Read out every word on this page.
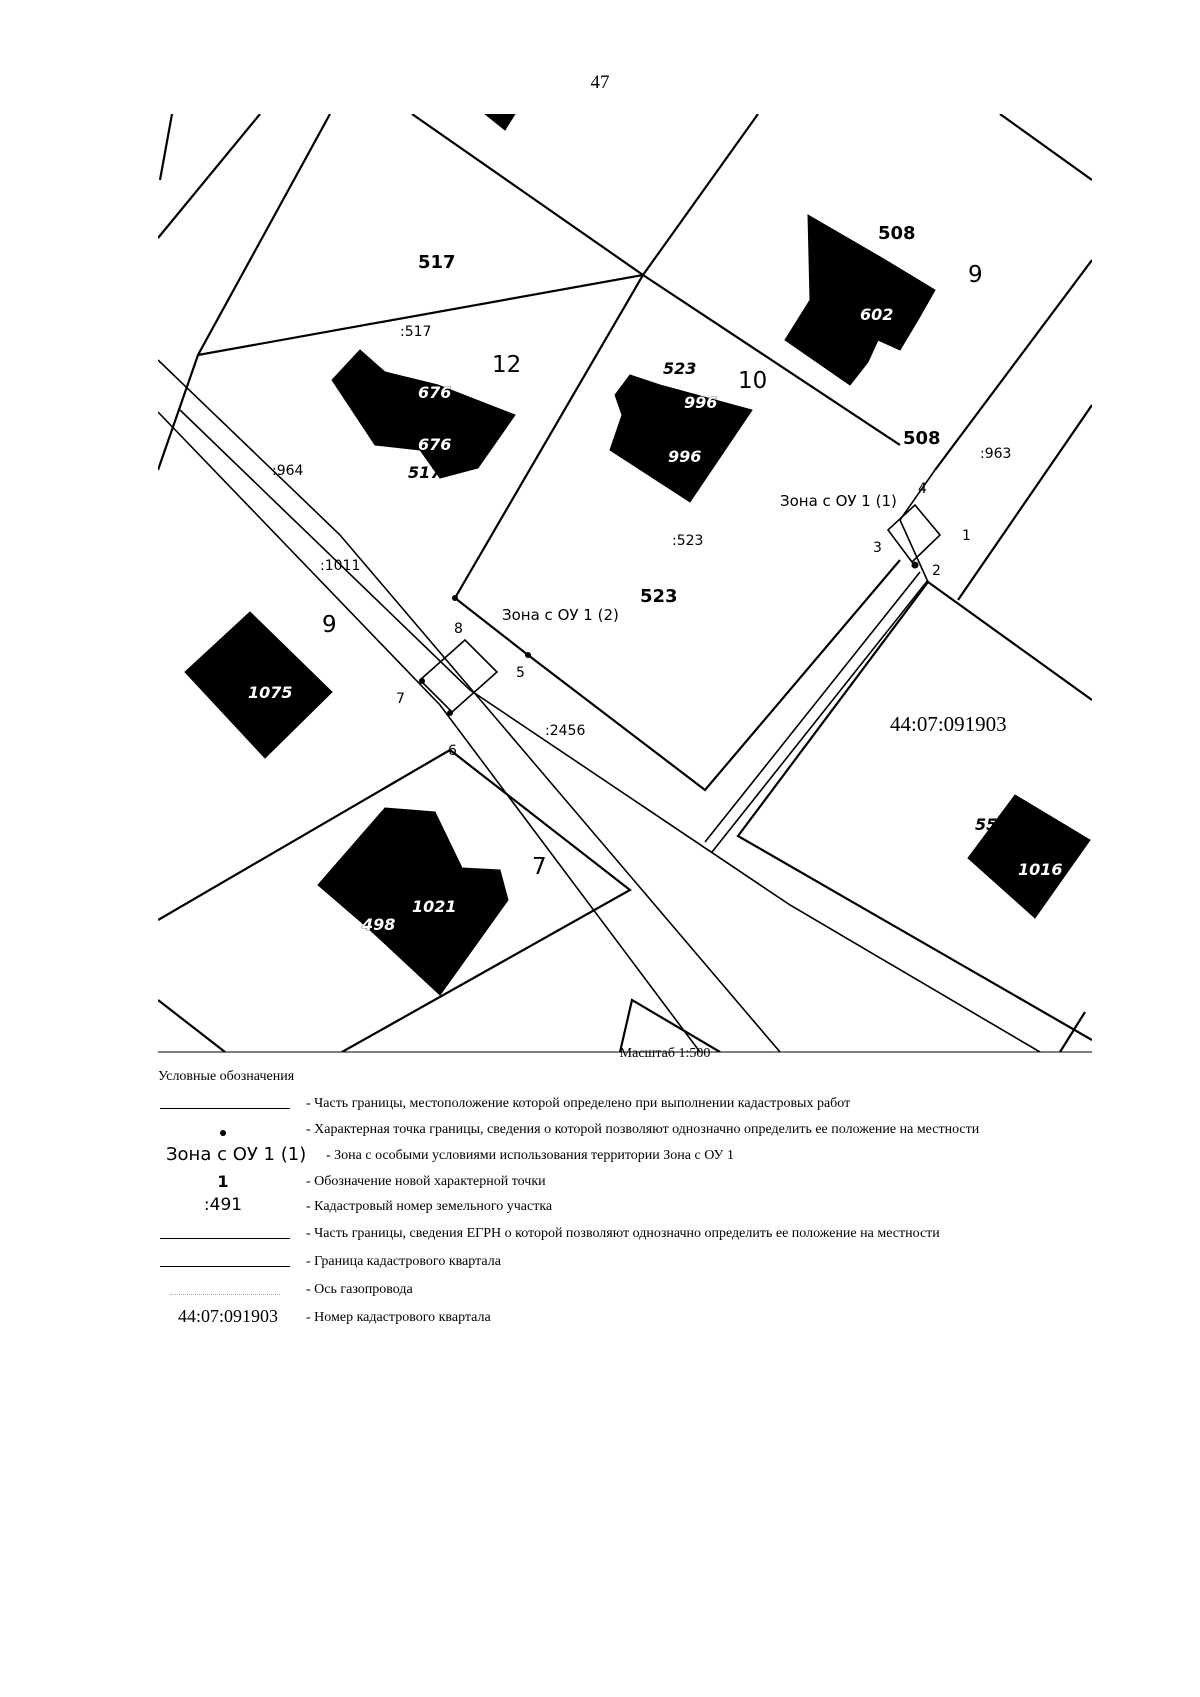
47
517
523
508
508
:517
:964
:1011
:523
:963
:2456
12
10
9
9
7
602
676
676
517
523
996
996
1075
1021
498
559
1016
Зона с ОУ 1 (1)
Зона с ОУ 1 (2)
1
2
3
4
5
6
7
8
44:07:091903
Масштаб 1:500
Условные обозначения
- Часть границы, местоположение которой определено при выполнении кадастровых работ
- Характерная точка границы, сведения о которой позволяют однозначно определить ее положение на местности
Зона с ОУ 1 (1) - Зона с особыми условиями использования территории Зона с ОУ 1
1	- Обозначение новой характерной точки
:491	- Кадастровый номер земельного участка
- Часть границы, сведения ЕГРН о которой позволяют однозначно определить ее положение на местности
- Граница кадастрового квартала
- Ось газопровода
44:07:091903	- Номер кадастрового квартала
